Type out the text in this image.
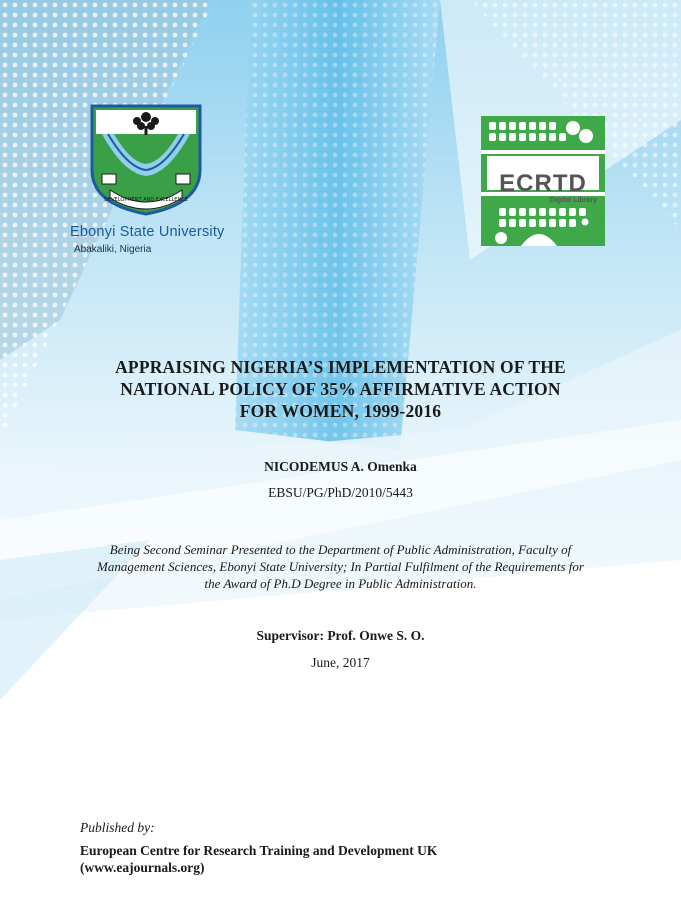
DEVELOPMENT AND EXCELLENCE
Ebonyi State University
Abakaliki, Nigeria
ECRTD
Digital Library
APPRAISING NIGERIA’S IMPLEMENTATION OF THE
NATIONAL POLICY OF 35% AFFIRMATIVE ACTION
FOR WOMEN, 1999-2016
NICODEMUS A. Omenka
EBSU/PG/PhD/2010/5443
Being Second Seminar Presented to the Department of Public Administration, Faculty of
Management Sciences, Ebonyi State University; In Partial Fulfilment of the Requirements for
the Award of Ph.D Degree in Public Administration.
Supervisor: Prof. Onwe S. O.
June, 2017
Published by:
European Centre for Research Training and Development UK
(www.eajournals.org)
